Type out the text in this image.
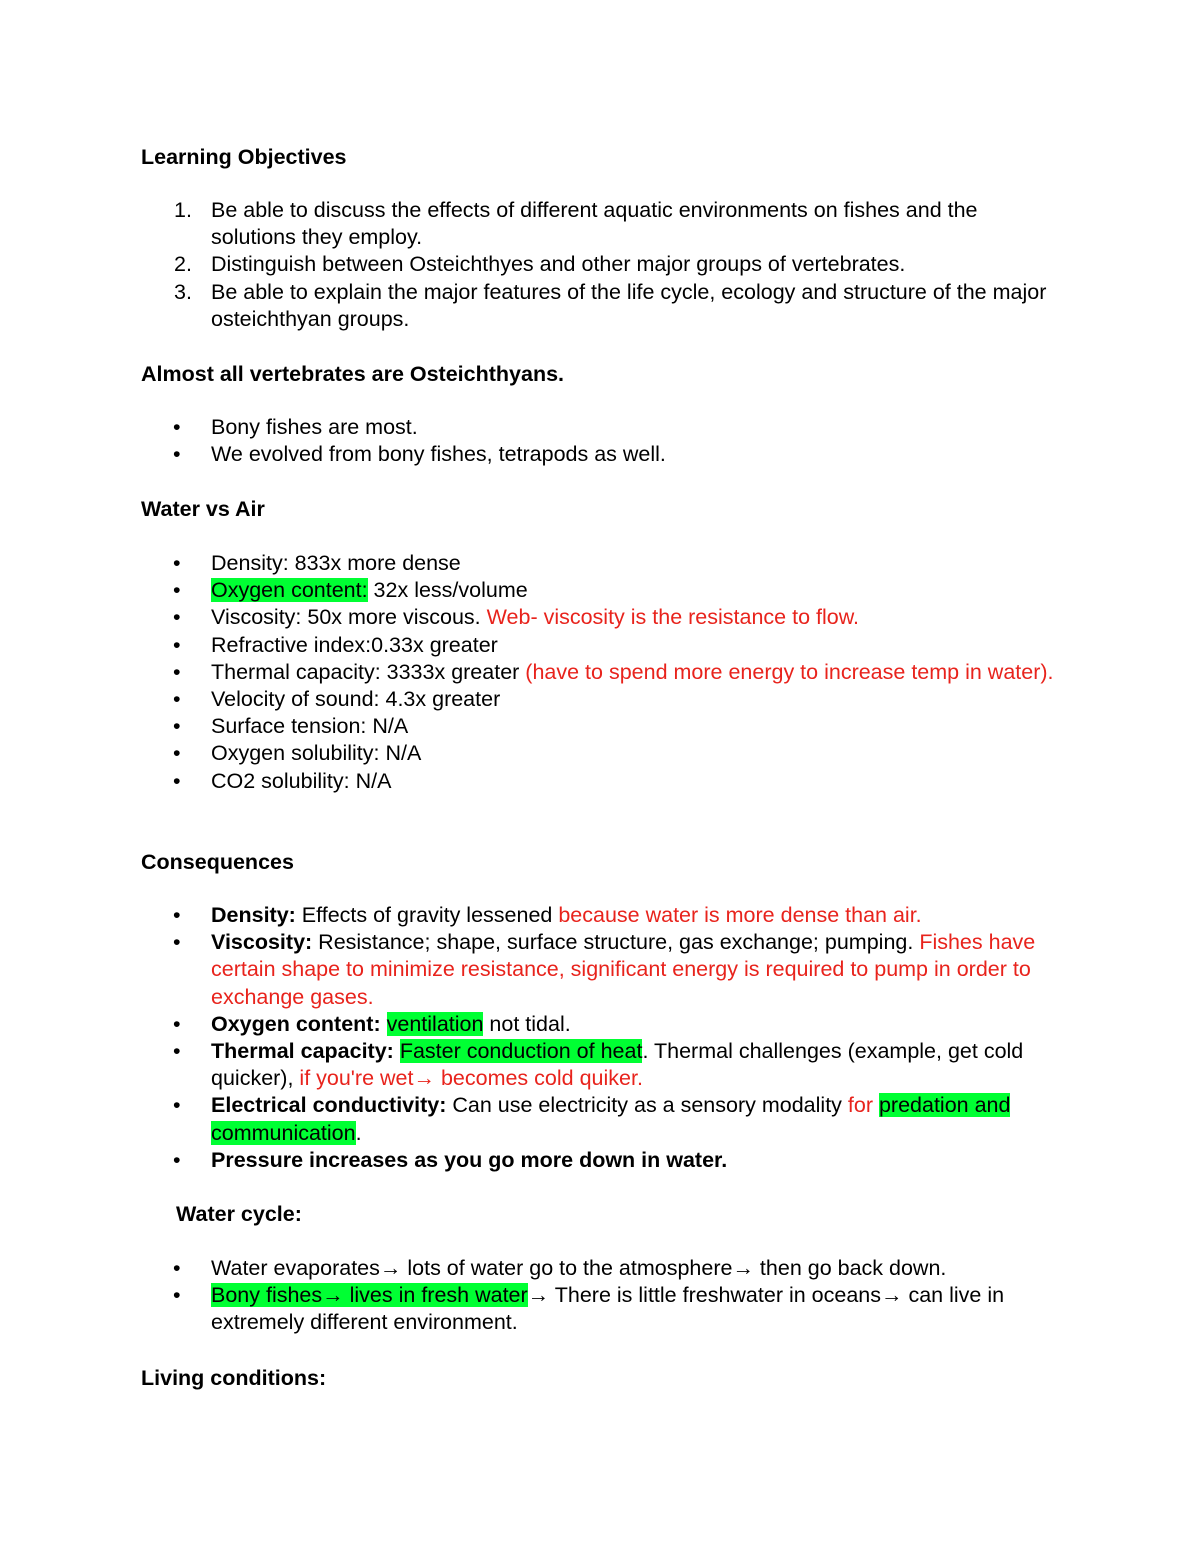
Learning Objectives
1. Be able to discuss the effects of different aquatic environments on fishes and the solutions they employ.
2. Distinguish between Osteichthyes and other major groups of vertebrates.
3. Be able to explain the major features of the life cycle, ecology and structure of the major osteichthyan groups.
Almost all vertebrates are Osteichthyans.
•	Bony fishes are most.
•	We evolved from bony fishes, tetrapods as well.
Water vs Air
•	Density: 833x more dense
•	Oxygen content: 32x less/volume
•	Viscosity: 50x more viscous. Web- viscosity is the resistance to flow.
•	Refractive index:0.33x greater
•	Thermal capacity: 3333x greater (have to spend more energy to increase temp in water).
•	Velocity of sound: 4.3x greater
•	Surface tension: N/A
•	Oxygen solubility: N/A
•	CO2 solubility: N/A
Consequences
•	Density: Effects of gravity lessened because water is more dense than air.
•	Viscosity: Resistance; shape, surface structure, gas exchange; pumping. Fishes have certain shape to minimize resistance, significant energy is required to pump in order to exchange gases.
•	Oxygen content: ventilation not tidal.
•	Thermal capacity: Faster conduction of heat. Thermal challenges (example, get cold quicker), if you're wet→ becomes cold quiker.
•	Electrical conductivity: Can use electricity as a sensory modality for predation and communication.
•	Pressure increases as you go more down in water.
Water cycle:
•	Water evaporates→ lots of water go to the atmosphere→ then go back down.
•	Bony fishes→ lives in fresh water→ There is little freshwater in oceans→ can live in extremely different environment.
Living conditions:
